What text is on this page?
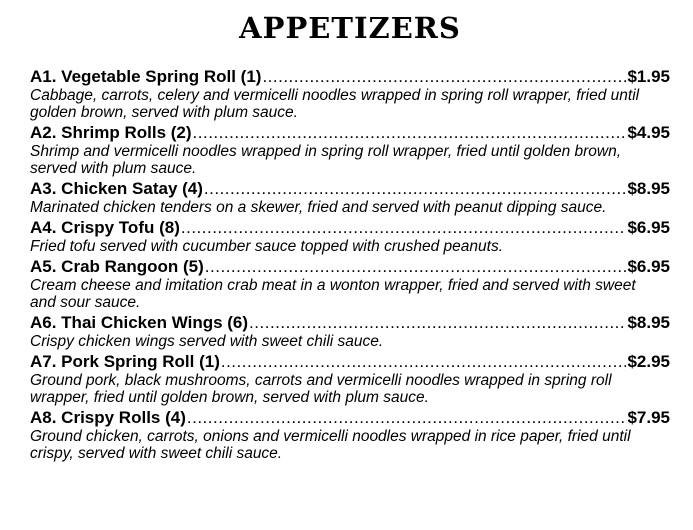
APPETIZERS
A1. Vegetable Spring Roll (1) .....	$1.95
Cabbage, carrots, celery and vermicelli noodles wrapped in spring roll wrapper, fried until golden brown, served with plum sauce.
A2. Shrimp Rolls (2) .....	$4.95
Shrimp and vermicelli noodles wrapped in spring roll wrapper, fried until golden brown, served with plum sauce.
A3. Chicken Satay (4) .....	$8.95
Marinated chicken tenders on a skewer, fried and served with peanut dipping sauce.
A4. Crispy Tofu (8) .....	$6.95
Fried tofu served with cucumber sauce topped with crushed peanuts.
A5. Crab Rangoon (5) .....	$6.95
Cream cheese and imitation crab meat in a wonton wrapper, fried and served with sweet and sour sauce.
A6. Thai Chicken Wings (6) .....	$8.95
Crispy chicken wings served with sweet chili sauce.
A7. Pork Spring Roll (1) .....	$2.95
Ground pork, black mushrooms, carrots and vermicelli noodles wrapped in spring roll wrapper, fried until golden brown, served with plum sauce.
A8. Crispy Rolls (4) .....	$7.95
Ground chicken, carrots, onions and vermicelli noodles wrapped in rice paper, fried until crispy, served with sweet chili sauce.
